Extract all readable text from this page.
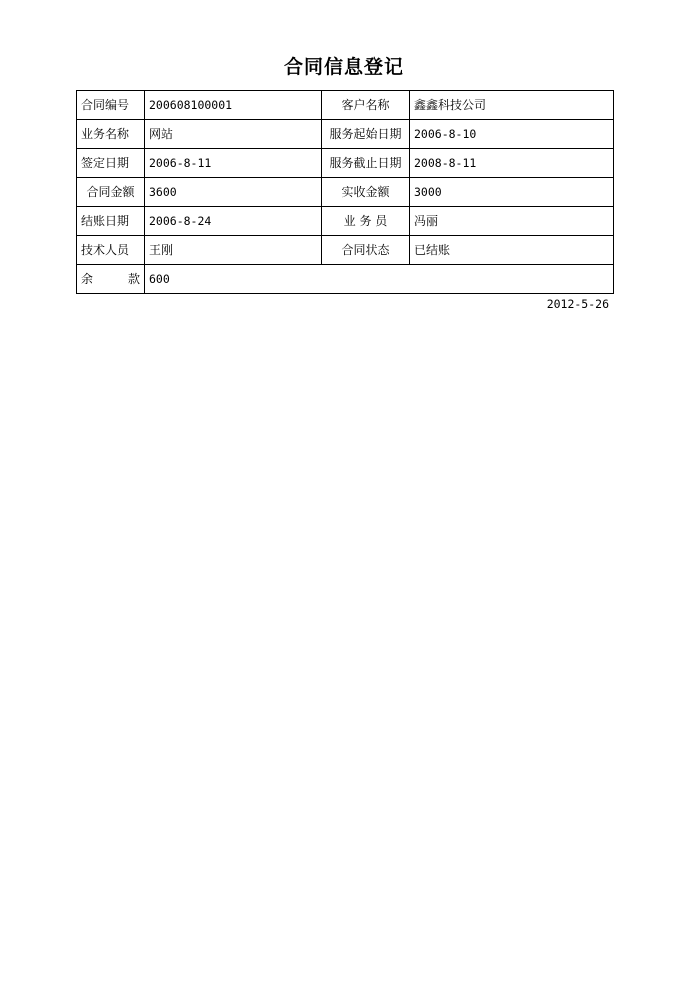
合同信息登记
合同编号	200608100001	客户名称	鑫鑫科技公司
业务名称	网站	服务起始日期	2006-8-10
签定日期	2006-8-11	服务截止日期	2008-8-11
合同金额	3600	实收金额	3000
结账日期	2006-8-24	业 务 员	冯丽
技术人员	王刚	合同状态	已结账

余 款	600		
2012-5-26
